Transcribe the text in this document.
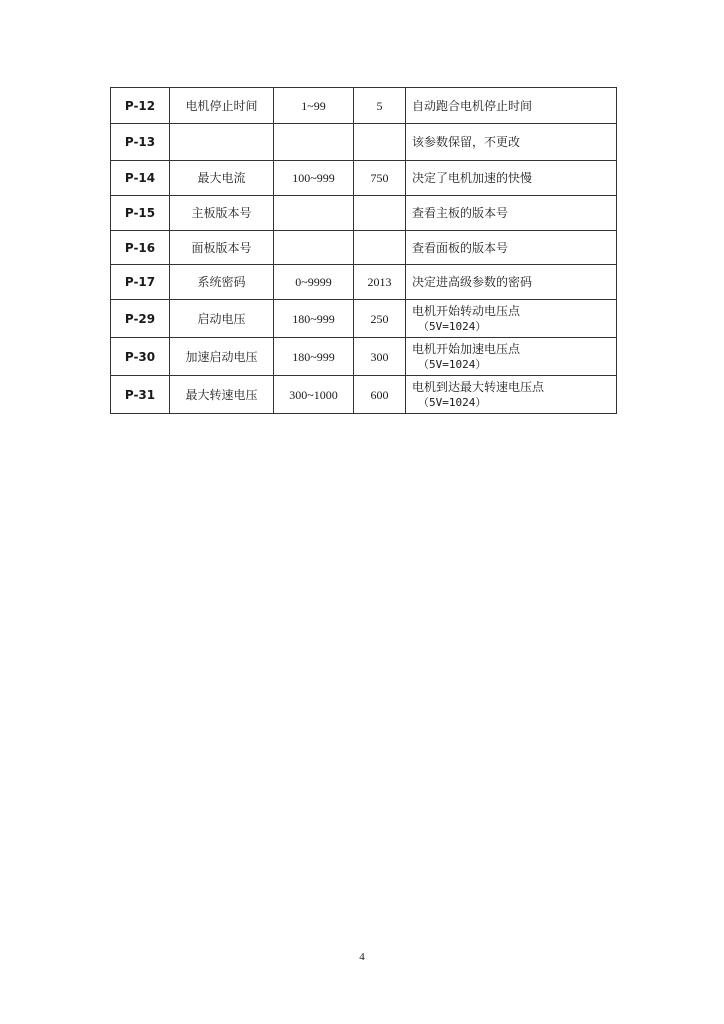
P-12	电机停止时间	1~99	5	自动跑合电机停止时间
P-13				该参数保留，不更改
P-14	最大电流	100~999	750	决定了电机加速的快慢
P-15	主板版本号			查看主板的版本号
P-16	面板版本号			查看面板的版本号
P-17	系统密码	0~9999	2013	决定进高级参数的密码
P-29	启动电压	180~999	250	电机开始转动电压点
（5V=1024）

P-30	加速启动电压	180~999	300	电机开始加速电压点
（5V=1024）

P-31	最大转速电压	300~1000	600	电机到达最大转速电压点
（5V=1024）
4
